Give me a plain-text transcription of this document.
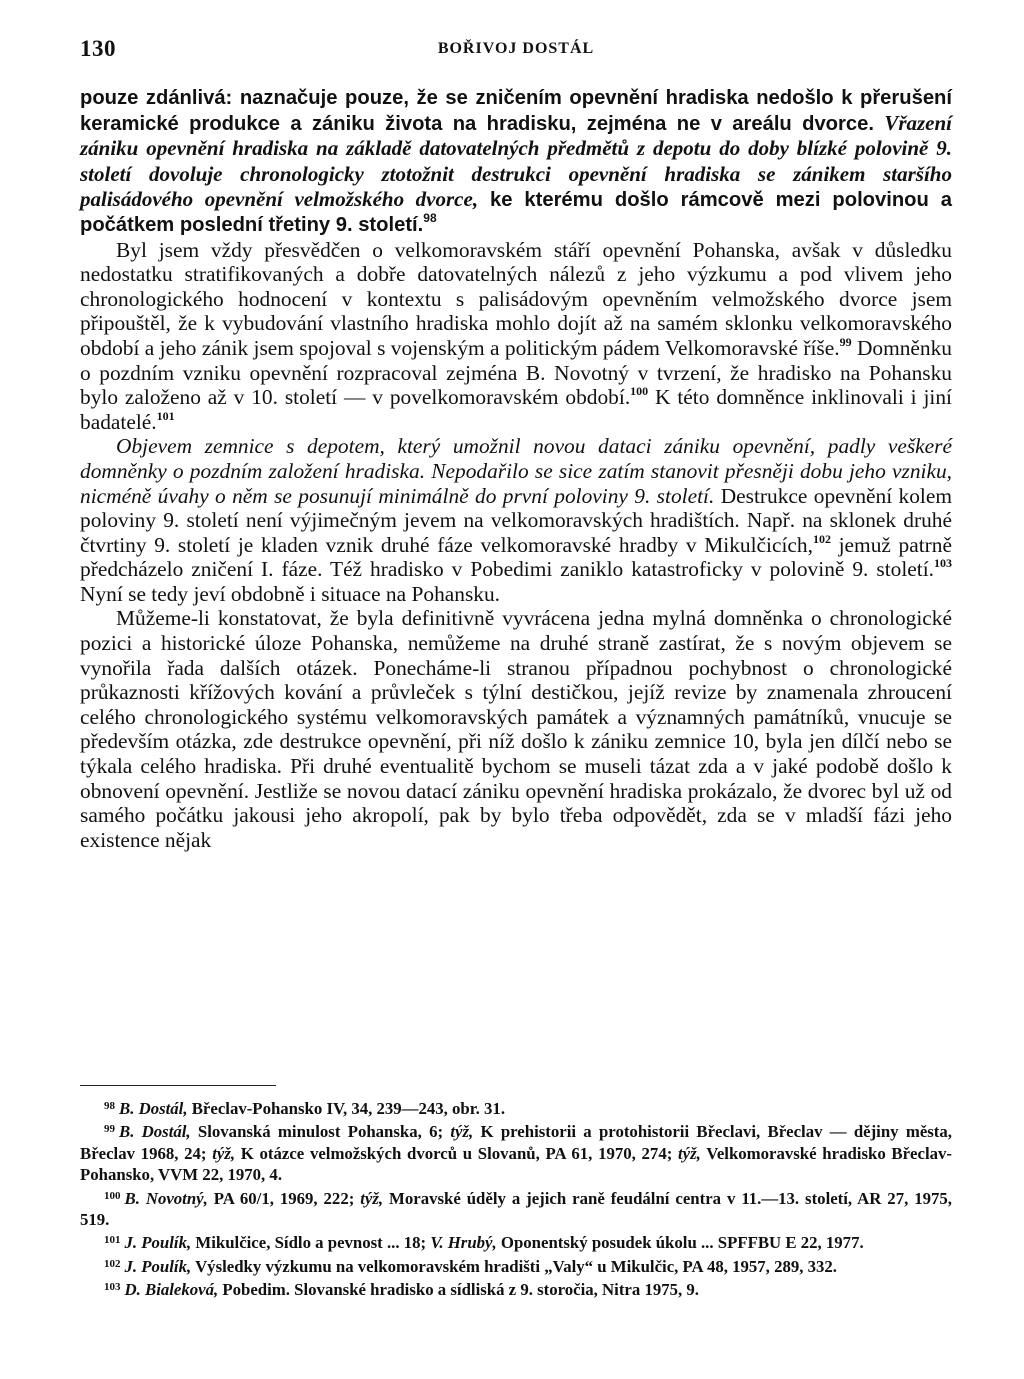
130	BOŘIVOJ DOSTÁL

pouze zdánlivá: naznačuje pouze, že se zničením opevnění hradiska nedošlo k přerušení keramické produkce a zániku života na hradisku, zejména ne v areálu dvorce. Vřazení zániku opevnění hradiska na základě datovatelných předmětů z depotu do doby blízké polovině 9. století dovoluje chronologicky ztotožnit destrukci opevnění hradiska se zánikem staršího palisádového opevnění velmožského dvorce, ke kterému došlo rámcově mezi polovinou a počátkem poslední třetiny 9. století.$^{98}$

Byl jsem vždy přesvědčen o velkomoravském stáří opevnění Pohanska, avšak v důsledku nedostatku stratifikovaných a dobře datovatelných nálezů z jeho výzkumu a pod vlivem jeho chronologického hodnocení v kontextu s palisádovým opevněním velmožského dvorce jsem připouštěl, že k vybudování vlastního hradiska mohlo dojít až na samém sklonku velkomoravského období a jeho zánik jsem spojoval s vojenským a politickým pádem Velkomoravské říše.$^{99}$ Domněnku o pozdním vzniku opevnění rozpracoval zejména B. Novotný v tvrzení, že hradisko na Pohansku bylo založeno až v 10. století — v povelkomoravském období.$^{100}$ K této domněnce inklinovali i jiní badatelé.$^{101}$

Objevem zemnice s depotem, který umožnil novou dataci zániku opevnění, padly veškeré domněnky o pozdním založení hradiska. Nepodařilo se sice zatím stanovit přesněji dobu jeho vzniku, nicméně úvahy o něm se posunují minimálně do první poloviny 9. století. Destrukce opevnění kolem poloviny 9. století není výjimečným jevem na velkomoravských hradištích. Např. na sklonek druhé čtvrtiny 9. století je kladen vznik druhé fáze velkomoravské hradby v Mikulčicích,$^{102}$ jemuž patrně předcházelo zničení I. fáze. Též hradisko v Pobedimi zaniklo katastroficky v polovině 9. století.$^{103}$ Nyní se tedy jeví obdobně i situace na Pohansku.

Můžeme-li konstatovat, že byla definitivně vyvrácena jedna mylná domněnka o chronologické pozici a historické úloze Pohanska, nemůžeme na druhé straně zastírat, že s novým objevem se vynořila řada dalších otázek. Ponecháme-li stranou případnou pochybnost o chronologické průkaznosti křížových kování a průvleček s týlní destičkou, jejíž revize by znamenala zhroucení celého chronologického systému velkomoravských památek a významných památníků, vnucuje se především otázka, zde destrukce opevnění, při níž došlo k zániku zemnice 10, byla jen dílčí nebo se týkala celého hradiska. Při druhé eventualitě bychom se museli tázat zda a v jaké podobě došlo k obnovení opevnění. Jestliže se novou datací zániku opevnění hradiska prokázalo, že dvorec byl už od samého počátku jakousi jeho akropolí, pak by bylo třeba odpovědět, zda se v mladší fázi jeho existence nějak

$^{98}$ B. Dostál, Břeclav-Pohansko IV, 34, 239—243, obr. 31.

$^{99}$ B. Dostál, Slovanská minulost Pohanska, 6; týž, K prehistorii a protohistorii Břeclavi, Břeclav — dějiny města, Břeclav 1968, 24; týž, K otázce velmožských dvorců u Slovanů, PA 61, 1970, 274; týž, Velkomoravské hradisko Břeclav-Pohansko, VVM 22, 1970, 4.

$^{100}$ B. Novotný, PA 60/1, 1969, 222; týž, Moravské úděly a jejich raně feudální centra v 11.—13. století, AR 27, 1975, 519.

$^{101}$ J. Poulík, Mikulčice, Sídlo a pevnost ... 18; V. Hrubý, Oponentský posudek úkolu ... SPFFBU E 22, 1977.

$^{102}$ J. Poulík, Výsledky výzkumu na velkomoravském hradišti „Valy“ u Mikulčic, PA 48, 1957, 289, 332.

$^{103}$ D. Bialeková, Pobedim. Slovanské hradisko a sídliská z 9. storočia, Nitra 1975, 9.
